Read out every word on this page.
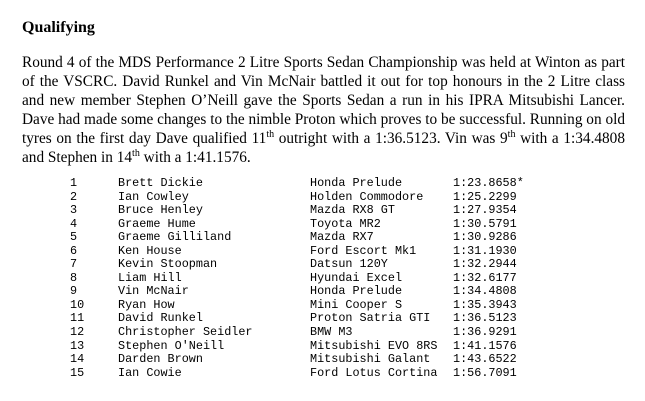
Qualifying

Round 4 of the MDS Performance 2 Litre Sports Sedan Championship was held at Winton as part of the VSCRC. David Runkel and Vin McNair battled it out for top honours in the 2 Litre class and new member Stephen O’Neill gave the Sports Sedan a run in his IPRA Mitsubishi Lancer. Dave had made some changes to the nimble Proton which proves to be successful. Running on old tyres on the first day Dave qualified 11th outright with a 1:36.5123. Vin was 9th with a 1:34.4808 and Stephen in 14th with a 1:41.1576.

1	Brett Dickie	Honda Prelude	1:23.8658*
2	Ian Cowley	Holden Commodore	1:25.2299
3	Bruce Henley	Mazda RX8 GT	1:27.9354
4	Graeme Hume	Toyota MR2	1:30.5791
5	Graeme Gilliland	Mazda RX7	1:30.9286
6	Ken House	Ford Escort Mk1	1:31.1930
7	Kevin Stoopman	Datsun 120Y	1:32.2944
8	Liam Hill	Hyundai Excel	1:32.6177
9	Vin McNair	Honda Prelude	1:34.4808
10	Ryan How	Mini Cooper S	1:35.3943
11	David Runkel	Proton Satria GTI 1:36.5123
12	Christopher Seidler	BMW M3	1:36.9291
13	Stephen O'Neill	Mitsubishi EVO 8RS 1:41.1576
14	Darden Brown	Mitsubishi Galant 1:43.6522
15	Ian Cowie	Ford Lotus Cortina 1:56.7091
